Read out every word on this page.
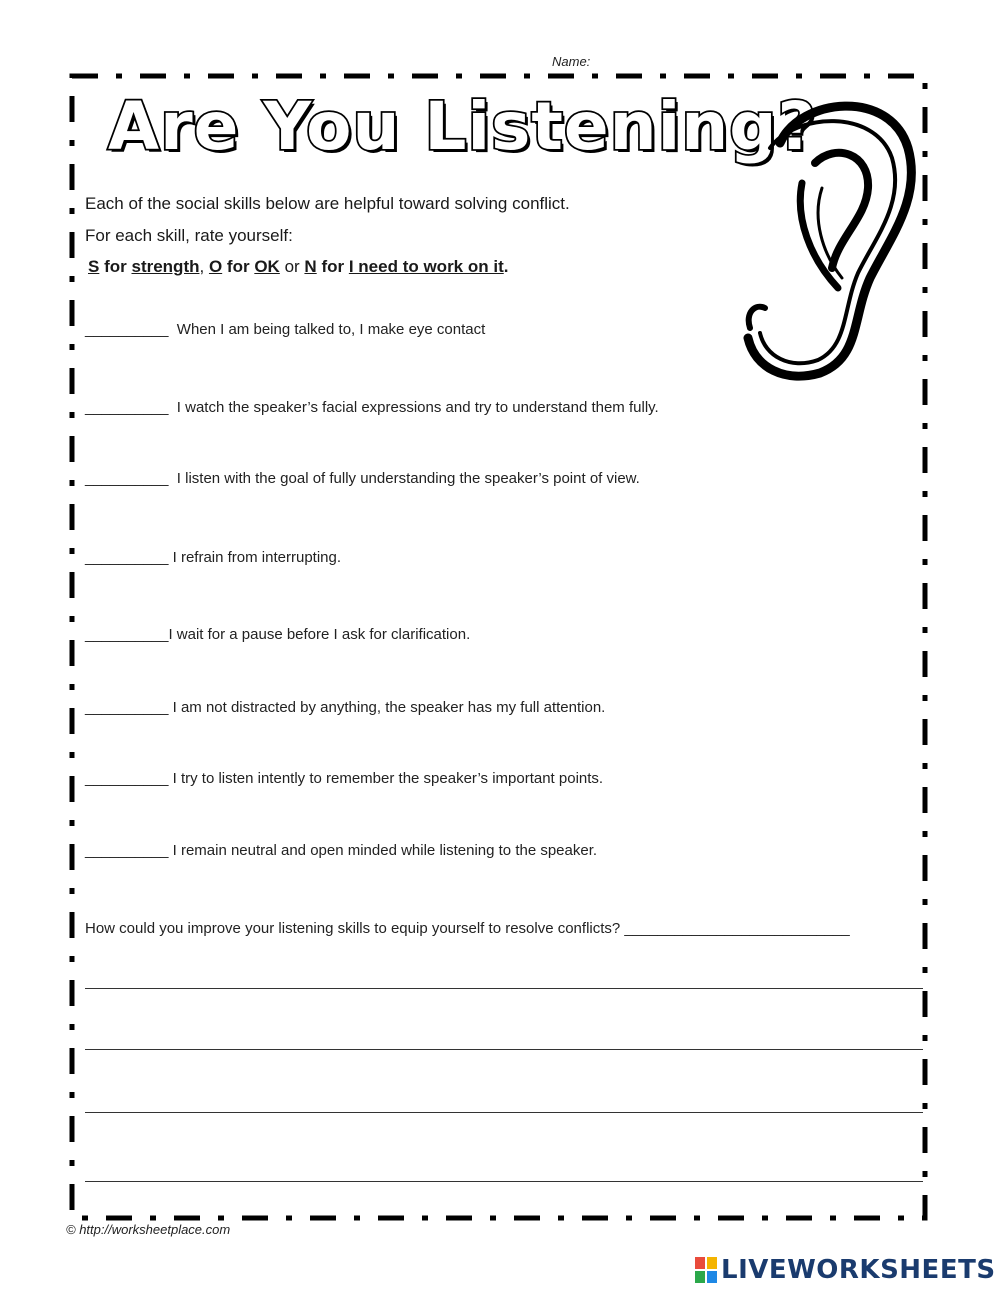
Name:
Are You Listening?
Each of the social skills below are helpful toward solving conflict.
For each skill, rate yourself:
S for strength, O for OK or N for I need to work on it.
__________ When I am being talked to, I make eye contact
__________ I watch the speaker’s facial expressions and try to understand them fully.
__________ I listen with the goal of fully understanding the speaker’s point of view.
__________ I refrain from interrupting.
__________I wait for a pause before I ask for clarification.
__________ I am not distracted by anything, the speaker has my full attention.
__________ I try to listen intently to remember the speaker’s important points.
__________ I remain neutral and open minded while listening to the speaker.
How could you improve your listening skills to equip yourself to resolve conflicts? ___________________________
© http://worksheetplace.com
LIVEWORKSHEETS
